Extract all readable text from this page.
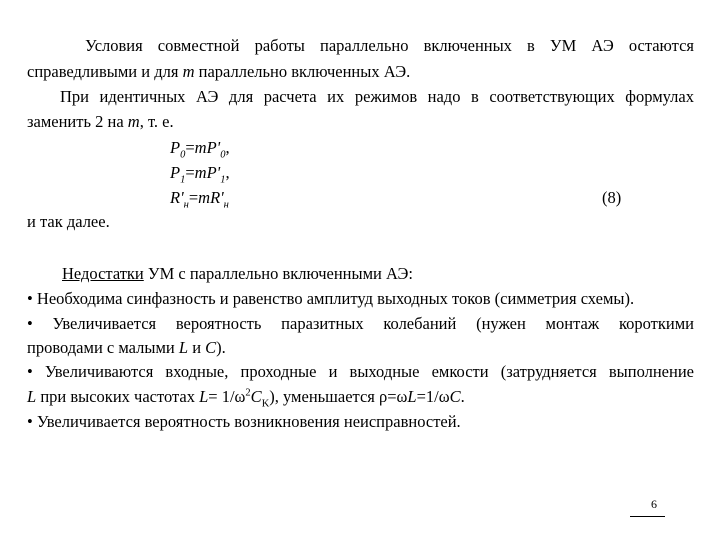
Условия совместной работы параллельно включенных в УМ АЭ остаются
справедливыми и для m параллельно включенных АЭ.
При идентичных АЭ для расчета их режимов надо в соответствующих формулах
заменить 2 на m, т. е.
$P_0=mP'_0$,
$P_1=mP'_1$,
$R'_н=mR'_н$	(8)
и так далее.
Недостатки УМ с параллельно включенными АЭ:
• Необходима синфазность и равенство амплитуд выходных токов (симметрия схемы).
• Увеличивается вероятность паразитных колебаний (нужен монтаж короткими
проводами с малыми L и C).
• Увеличиваются входные, проходные и выходные емкости (затрудняется выполнение
L при высоких частотах $L= 1/\omega^2C_K$), уменьшается ρ=ωL=1/ωC.
• Увеличивается вероятность возникновения неисправностей.
6
